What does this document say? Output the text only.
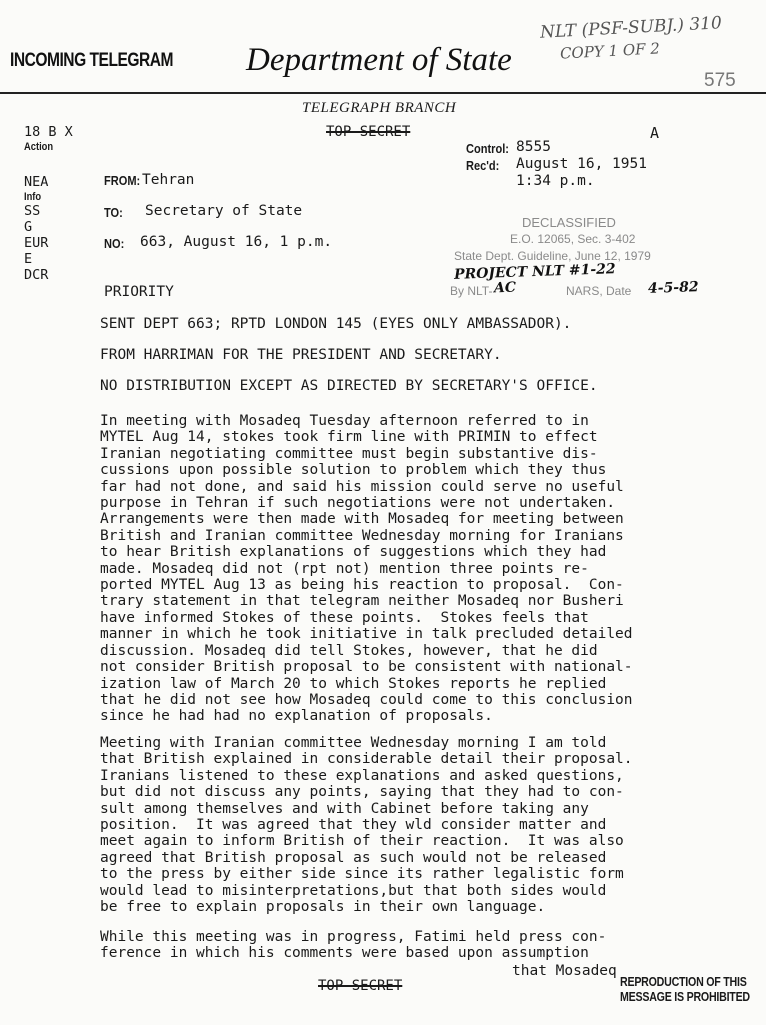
INCOMING TELEGRAM Department of State
NLT (PSF-SUBJ.) 310
COPY 1 OF 2
575
TELEGRAPH BRANCH
TOP SECRET	A
18 B X
Action
NEA
Info
SS
G
EUR
E
DCR
FROM: Tehran
TO: Secretary of State
NO: 663, August 16, 1 p.m.
PRIORITY
Control: 8555
Rec'd: August 16, 1951
1:34 p.m.
DECLASSIFIED
E.O. 12065, Sec. 3-402
State Dept. Guideline, June 12, 1979
PROJECT NLT #1-22
By NLT- AC	NARS, Date 4-5-82
SENT DEPT 663; RPTD LONDON 145 (EYES ONLY AMBASSADOR).
FROM HARRIMAN FOR THE PRESIDENT AND SECRETARY.
NO DISTRIBUTION EXCEPT AS DIRECTED BY SECRETARY'S OFFICE.
In meeting with Mosadeq Tuesday afternoon referred to in
MYTEL Aug 14, stokes took firm line with PRIMIN to effect
Iranian negotiating committee must begin substantive dis-
cussions upon possible solution to problem which they thus
far had not done, and said his mission could serve no useful
purpose in Tehran if such negotiations were not undertaken.
Arrangements were then made with Mosadeq for meeting between
British and Iranian committee Wednesday morning for Iranians
to hear British explanations of suggestions which they had
made. Mosadeq did not (rpt not) mention three points re-
ported MYTEL Aug 13 as being his reaction to proposal.  Con-
trary statement in that telegram neither Mosadeq nor Busheri
have informed Stokes of these points.  Stokes feels that
manner in which he took initiative in talk precluded detailed
discussion. Mosadeq did tell Stokes, however, that he did
not consider British proposal to be consistent with national-
ization law of March 20 to which Stokes reports he replied
that he did not see how Mosadeq could come to this conclusion
since he had had no explanation of proposals.
Meeting with Iranian committee Wednesday morning I am told
that British explained in considerable detail their proposal.
Iranians listened to these explanations and asked questions,
but did not discuss any points, saying that they had to con-
sult among themselves and with Cabinet before taking any
position.  It was agreed that they wld consider matter and
meet again to inform British of their reaction.  It was also
agreed that British proposal as such would not be released
to the press by either side since its rather legalistic form
would lead to misinterpretations,but that both sides would
be free to explain proposals in their own language.
While this meeting was in progress, Fatimi held press con-
ference in which his comments were based upon assumption
that Mosadeq
TOP SECRET	REPRODUCTION OF THIS
MESSAGE IS PROHIBITED
